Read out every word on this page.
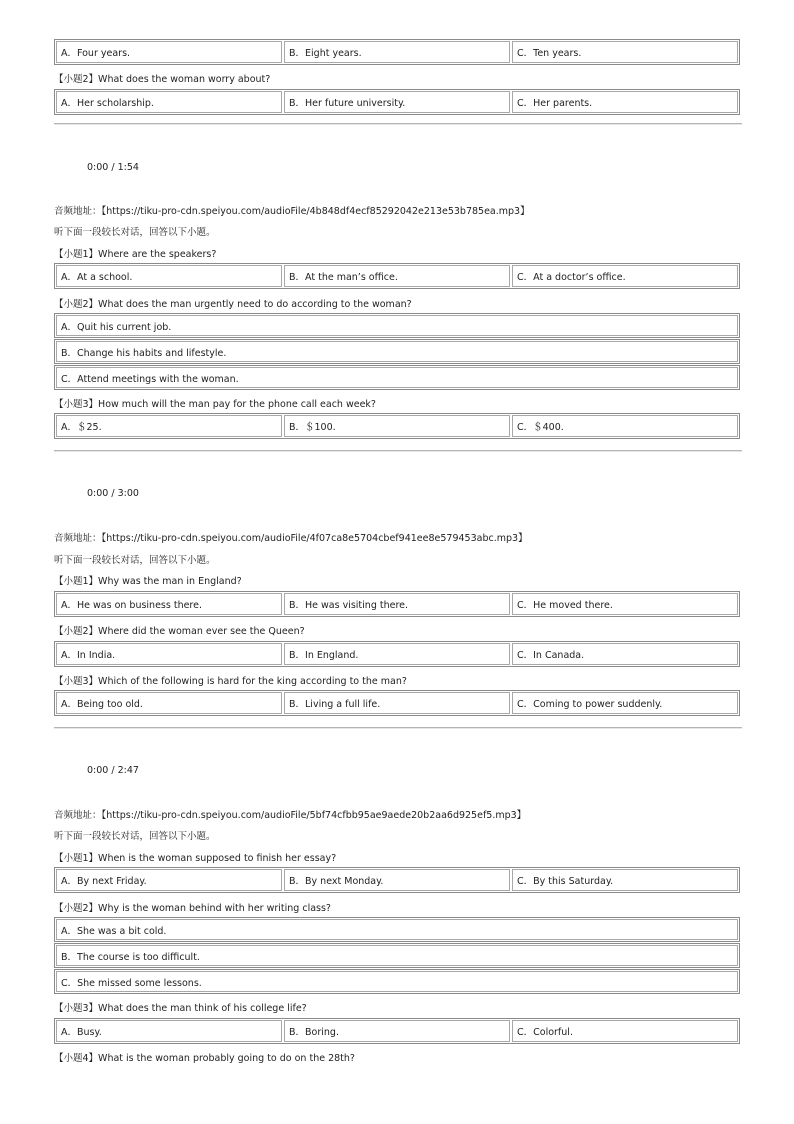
A．Four years.	B．Eight years.	C．Ten years.
【小题2】What does the woman worry about?
A．Her scholarship.	B．Her future university.	C．Her parents.
0:00 / 1:54
音频地址：【https://tiku-pro-cdn.speiyou.com/audioFile/4b848df4ecf85292042e213e53b785ea.mp3】
听下面一段较长对话，回答以下小题。
【小题1】Where are the speakers?
A．At a school.	B．At the man’s office.	C．At a doctor’s office.
【小题2】What does the man urgently need to do according to the woman?
A．Quit his current job.
B．Change his habits and lifestyle.
C．Attend meetings with the woman.
【小题3】How much will the man pay for the phone call each week?
A．＄25.	B．＄100.	C．＄400.
0:00 / 3:00
音频地址：【https://tiku-pro-cdn.speiyou.com/audioFile/4f07ca8e5704cbef941ee8e579453abc.mp3】
听下面一段较长对话，回答以下小题。
【小题1】Why was the man in England?
A．He was on business there.	B．He was visiting there.	C．He moved there.
【小题2】Where did the woman ever see the Queen?
A．In India.	B．In England.	C．In Canada.
【小题3】Which of the following is hard for the king according to the man?
A．Being too old.	B．Living a full life.	C．Coming to power suddenly.
0:00 / 2:47
音频地址：【https://tiku-pro-cdn.speiyou.com/audioFile/5bf74cfbb95ae9aede20b2aa6d925ef5.mp3】
听下面一段较长对话，回答以下小题。
【小题1】When is the woman supposed to finish her essay?
A．By next Friday.	B．By next Monday.	C．By this Saturday.
【小题2】Why is the woman behind with her writing class?
A．She was a bit cold.
B．The course is too difficult.
C．She missed some lessons.
【小题3】What does the man think of his college life?
A．Busy.	B．Boring.	C．Colorful.
【小题4】What is the woman probably going to do on the 28th?
